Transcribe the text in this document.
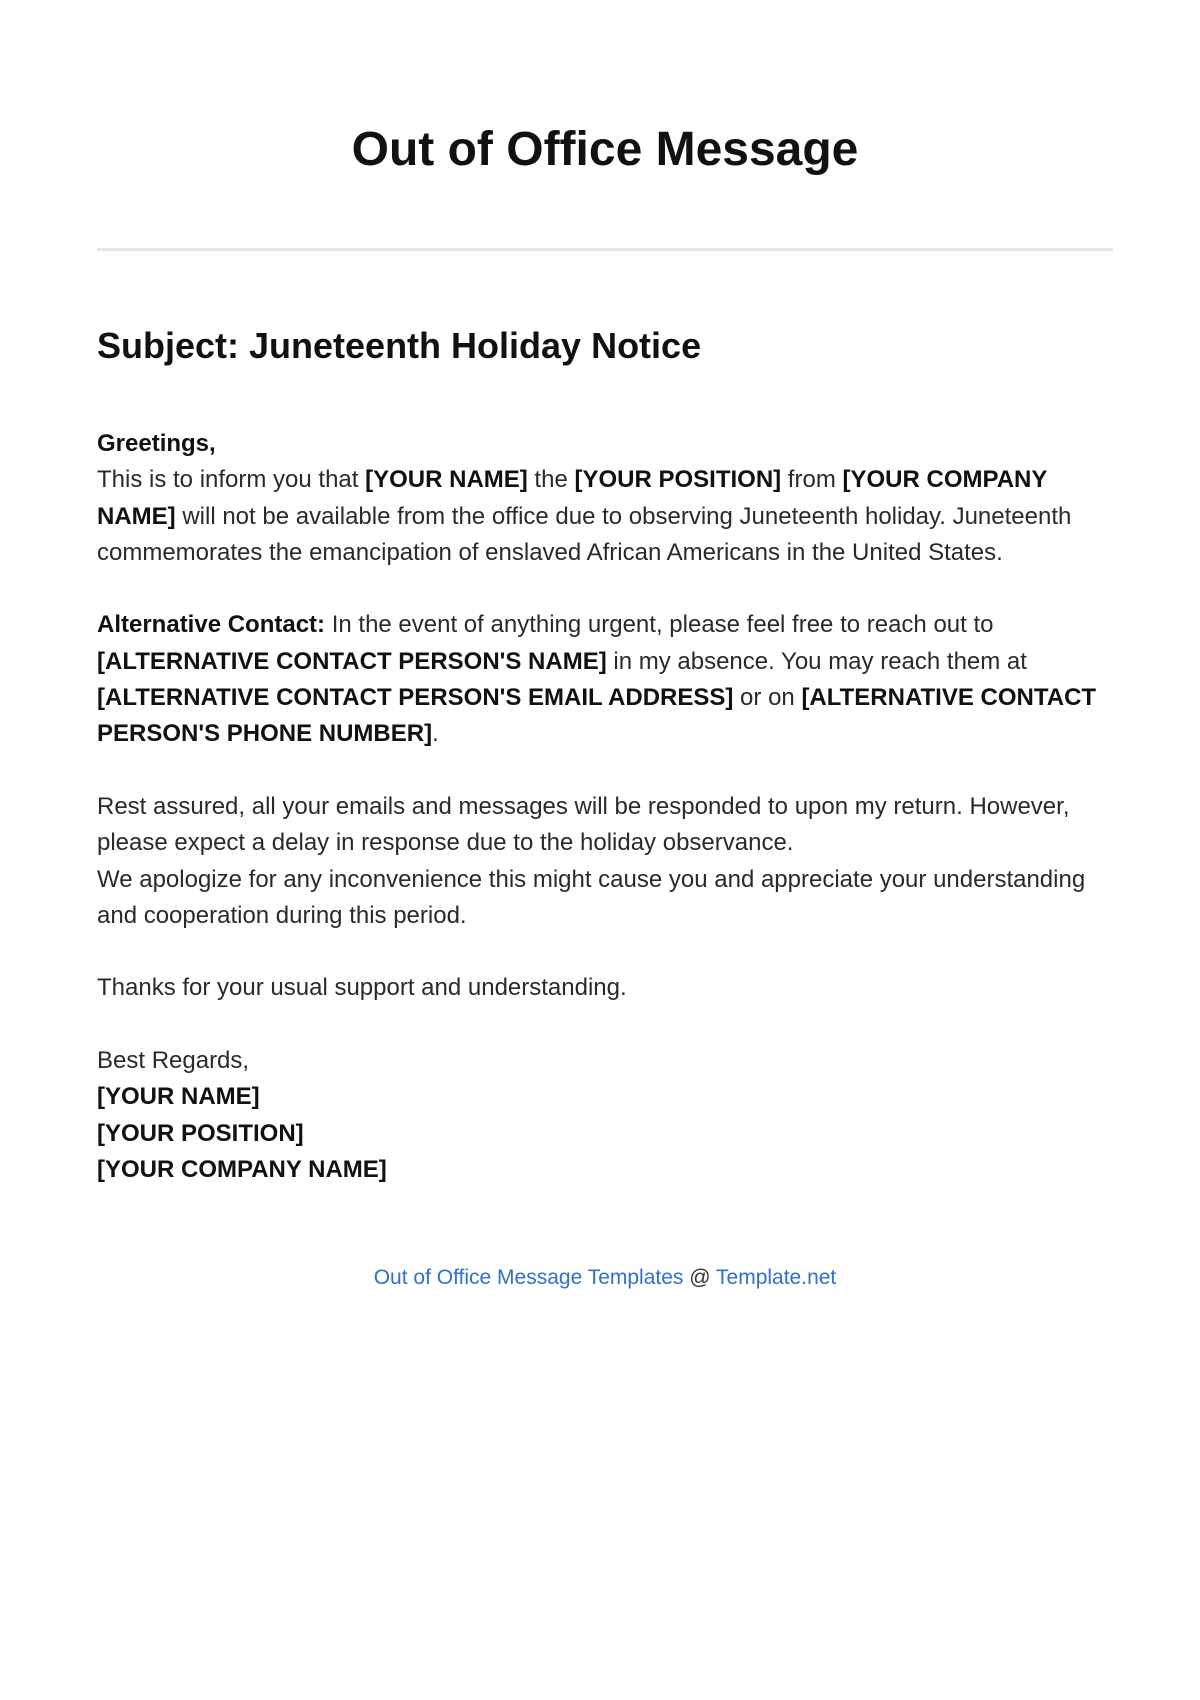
Out of Office Message
Subject: Juneteenth Holiday Notice

Greetings,
This is to inform you that [YOUR NAME] the [YOUR POSITION] from [YOUR COMPANY NAME] will not be available from the office due to observing Juneteenth holiday. Juneteenth commemorates the emancipation of enslaved African Americans in the United States.

Alternative Contact: In the event of anything urgent, please feel free to reach out to [ALTERNATIVE CONTACT PERSON'S NAME] in my absence. You may reach them at [ALTERNATIVE CONTACT PERSON'S EMAIL ADDRESS] or on [ALTERNATIVE CONTACT PERSON'S PHONE NUMBER].

Rest assured, all your emails and messages will be responded to upon my return. However, please expect a delay in response due to the holiday observance.
We apologize for any inconvenience this might cause you and appreciate your understanding and cooperation during this period.

Thanks for your usual support and understanding.

Best Regards,
[YOUR NAME]
[YOUR POSITION]
[YOUR COMPANY NAME]

Out of Office Message Templates @ Template.net
